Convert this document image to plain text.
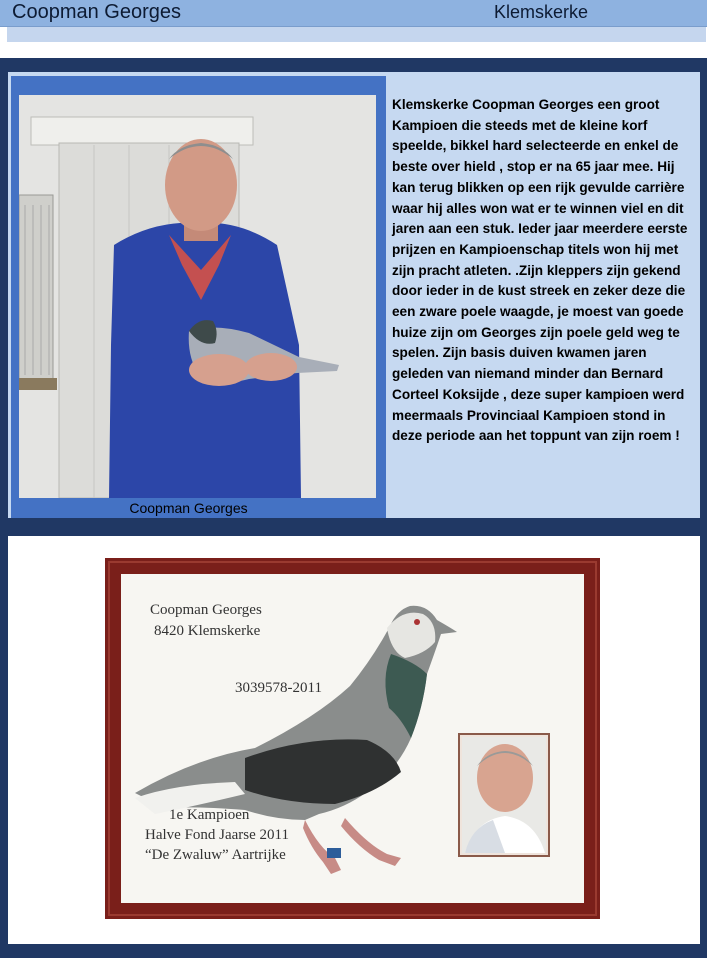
Coopman Georges	Klemskerke
Coopman Georges
Klemskerke Coopman Georges een groot Kampioen die steeds met de kleine korf speelde, bikkel hard selecteerde en enkel de beste over hield , stop er na 65 jaar mee. Hij kan terug blikken op een rijk gevulde carrière waar hij alles won wat er te winnen viel en dit jaren aan een stuk. Ieder jaar meerdere eerste prijzen en Kampioenschap titels won hij met zijn pracht atleten. .Zijn kleppers zijn gekend door ieder in de kust streek en zeker deze die een zware poele waagde, je moest van goede huize zijn om Georges zijn poele geld weg te spelen. Zijn basis duiven kwamen jaren geleden van niemand minder dan Bernard Corteel Koksijde , deze super kampioen werd meermaals Provinciaal Kampioen stond in deze periode aan het toppunt van zijn roem !
Coopman Georges
8420 Klemskerke
3039578-2011
1e Kampioen
Halve Fond Jaarse 2011
“De Zwaluw” Aartrijke
